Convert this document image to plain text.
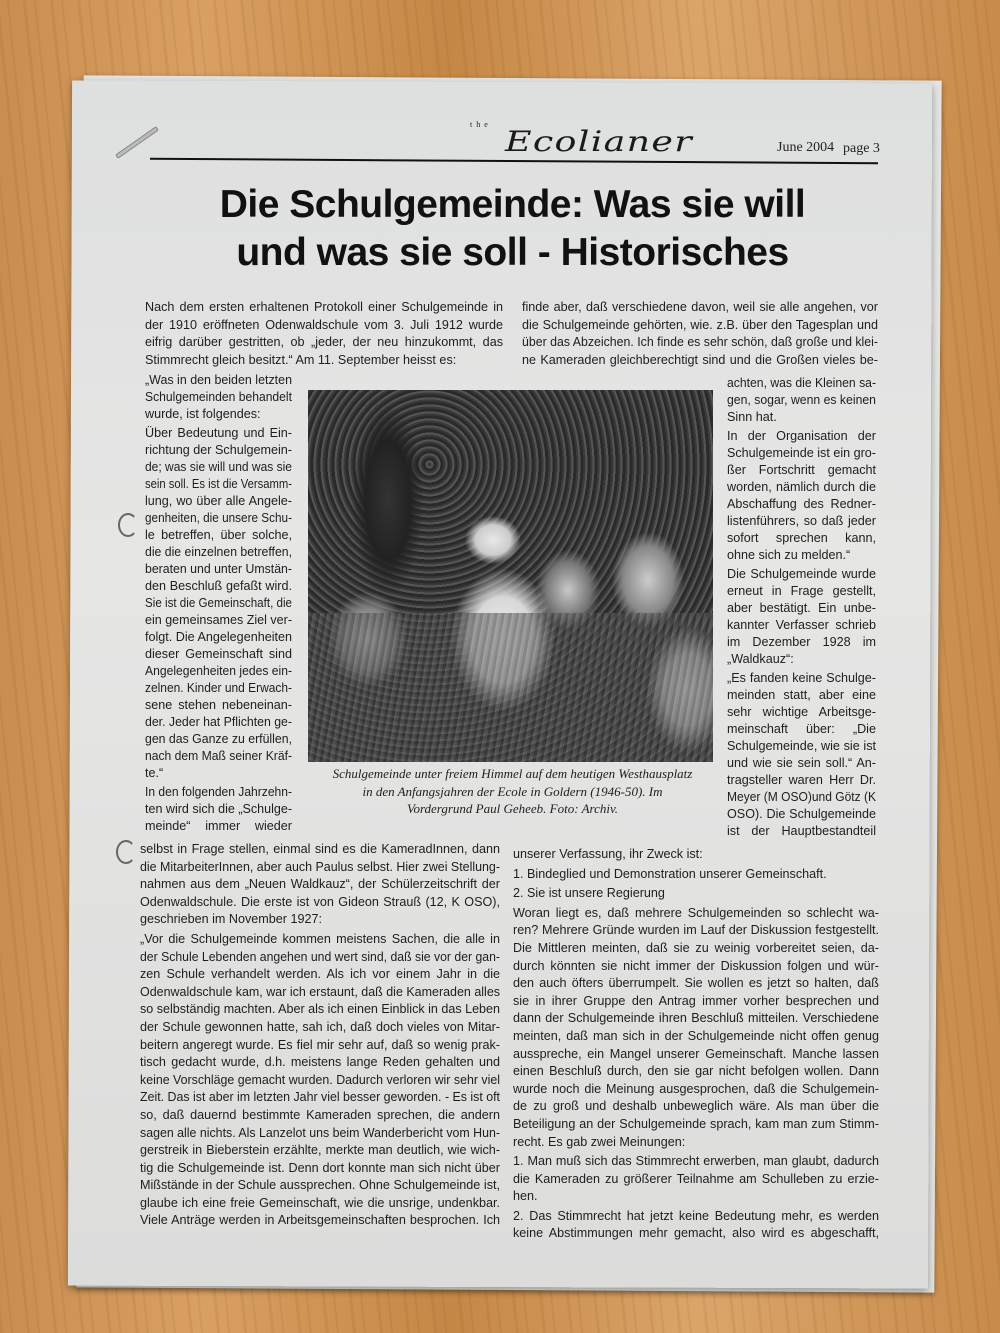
the
Ecolianer	June 2004 page 3
Die Schulgemeinde: Was sie will
und was sie soll - Historisches
Nach dem ersten erhaltenen Protokoll einer Schulgemeinde in
der 1910 eröffneten Odenwaldschule vom 3. Juli 1912 wurde
eifrig darüber gestritten, ob „jeder, der neu hinzukommt, das
Stimmrecht gleich besitzt.“ Am 11. September heisst es:
finde aber, daß verschiedene davon, weil sie alle angehen, vor
die Schulgemeinde gehörten, wie. z.B. über den Tagesplan und
über das Abzeichen. Ich finde es sehr schön, daß große und klei-
ne Kameraden gleichberechtigt sind und die Großen vieles be-
„Was in den beiden letzten
Schulgemeinden behandelt
wurde, ist folgendes:
Über Bedeutung und Ein-
richtung der Schulgemein-
de; was sie will und was sie
sein soll. Es ist die Versamm-
lung, wo über alle Angele-
genheiten, die unsere Schu-
le betreffen, über solche,
die die einzelnen betreffen,
beraten und unter Umstän-
den Beschluß gefaßt wird.
Sie ist die Gemeinschaft, die
ein gemeinsames Ziel ver-
folgt. Die Angelegenheiten
dieser Gemeinschaft sind
Angelegenheiten jedes ein-
zelnen. Kinder und Erwach-
sene stehen nebeneinan-
der. Jeder hat Pflichten ge-
gen das Ganze zu erfüllen,
nach dem Maß seiner Kräf-
te.“
In den folgenden Jahrzehn-
ten wird sich die „Schulge-
meinde“ immer wieder
achten, was die Kleinen sa-
gen, sogar, wenn es keinen
Sinn hat.
In der Organisation der
Schulgemeinde ist ein gro-
ßer Fortschritt gemacht
worden, nämlich durch die
Abschaffung des Redner-
listenführers, so daß jeder
sofort sprechen kann,
ohne sich zu melden.“
Die Schulgemeinde wurde
erneut in Frage gestellt,
aber bestätigt. Ein unbe-
kannter Verfasser schrieb
im Dezember 1928 im
„Waldkauz“:
„Es fanden keine Schulge-
meinden statt, aber eine
sehr wichtige Arbeitsge-
meinschaft über: „Die
Schulgemeinde, wie sie ist
und wie sie sein soll.“ An-
tragsteller waren Herr Dr.
Meyer (M OSO)und Götz (K
OSO). Die Schulgemeinde
ist der Hauptbestandteil
selbst in Frage stellen, einmal sind es die KameradInnen, dann
die MitarbeiterInnen, aber auch Paulus selbst. Hier zwei Stellung-
nahmen aus dem „Neuen Waldkauz“, der Schülerzeitschrift der
Odenwaldschule. Die erste ist von Gideon Strauß (12, K OSO),
geschrieben im November 1927:
„Vor die Schulgemeinde kommen meistens Sachen, die alle in
der Schule Lebenden angehen und wert sind, daß sie vor der gan-
zen Schule verhandelt werden. Als ich vor einem Jahr in die
Odenwaldschule kam, war ich erstaunt, daß die Kameraden alles
so selbständig machten. Aber als ich einen Einblick in das Leben
der Schule gewonnen hatte, sah ich, daß doch vieles von Mitar-
beitern angeregt wurde. Es fiel mir sehr auf, daß so wenig prak-
tisch gedacht wurde, d.h. meistens lange Reden gehalten und
keine Vorschläge gemacht wurden. Dadurch verloren wir sehr viel
Zeit. Das ist aber im letzten Jahr viel besser geworden. - Es ist oft
so, daß dauernd bestimmte Kameraden sprechen, die andern
sagen alle nichts. Als Lanzelot uns beim Wanderbericht vom Hun-
gerstreik in Bieberstein erzählte, merkte man deutlich, wie wich-
tig die Schulgemeinde ist. Denn dort konnte man sich nicht über
Mißstände in der Schule aussprechen. Ohne Schulgemeinde ist,
glaube ich eine freie Gemeinschaft, wie die unsrige, undenkbar.
Viele Anträge werden in Arbeitsgemeinschaften besprochen. Ich
unserer Verfassung, ihr Zweck ist:
1. Bindeglied und Demonstration unserer Gemeinschaft.
2. Sie ist unsere Regierung
Woran liegt es, daß mehrere Schulgemeinden so schlecht wa-
ren? Mehrere Gründe wurden im Lauf der Diskussion festgestellt.
Die Mittleren meinten, daß sie zu weinig vorbereitet seien, da-
durch könnten sie nicht immer der Diskussion folgen und wür-
den auch öfters überrumpelt. Sie wollen es jetzt so halten, daß
sie in ihrer Gruppe den Antrag immer vorher besprechen und
dann der Schulgemeinde ihren Beschluß mitteilen. Verschiedene
meinten, daß man sich in der Schulgemeinde nicht offen genug
ausspreche, ein Mangel unserer Gemeinschaft. Manche lassen
einen Beschluß durch, den sie gar nicht befolgen wollen. Dann
wurde noch die Meinung ausgesprochen, daß die Schulgemein-
de zu groß und deshalb unbeweglich wäre. Als man über die
Beteiligung an der Schulgemeinde sprach, kam man zum Stimm-
recht. Es gab zwei Meinungen:
1. Man muß sich das Stimmrecht erwerben, man glaubt, dadurch
die Kameraden zu größerer Teilnahme am Schulleben zu erzie-
hen.
2. Das Stimmrecht hat jetzt keine Bedeutung mehr, es werden
keine Abstimmungen mehr gemacht, also wird es abgeschafft,
Schulgemeinde unter freiem Himmel auf dem heutigen Westhausplatz
in den Anfangsjahren der Ecole in Goldern (1946-50). Im
Vordergrund Paul Geheeb. Foto: Archiv.
